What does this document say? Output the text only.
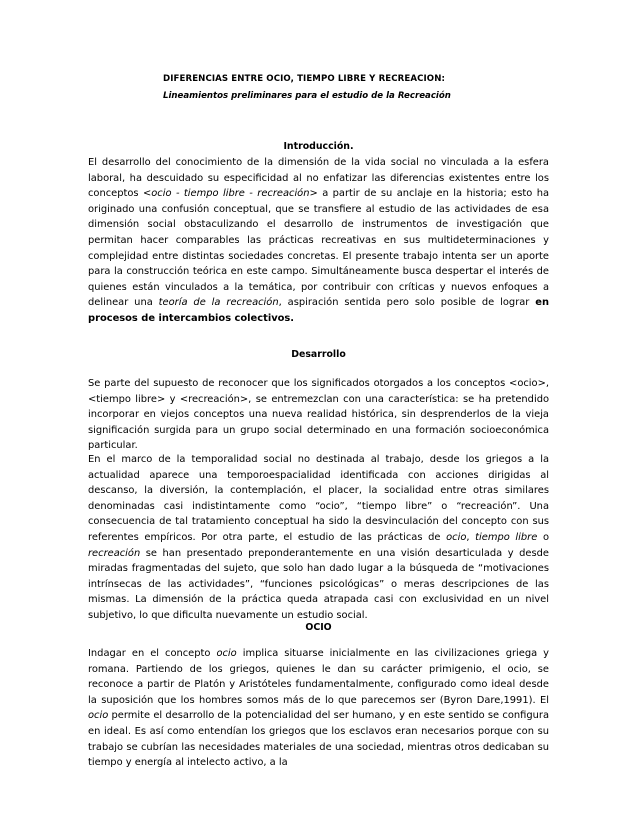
DIFERENCIAS ENTRE OCIO, TIEMPO LIBRE Y RECREACION:
Lineamientos preliminares para el estudio de la Recreación
Introducción.

El desarrollo del conocimiento de la dimensión de la vida social no vinculada a la esfera laboral, ha descuidado su especificidad al no enfatizar las diferencias existentes entre los conceptos <ocio - tiempo libre - recreación> a partir de su anclaje en la historia; esto ha originado una confusión conceptual, que se transfiere al estudio de las actividades de esa dimensión social obstaculizando el desarrollo de instrumentos de investigación que permitan hacer comparables las prácticas recreativas en sus multideterminaciones y complejidad entre distintas sociedades concretas. El presente trabajo intenta ser un aporte para la construcción teórica en este campo. Simultáneamente busca despertar el interés de quienes están vinculados a la temática, por contribuir con críticas y nuevos enfoques a delinear una teoría de la recreación, aspiración sentida pero solo posible de lograr en procesos de intercambios colectivos.

Desarrollo

Se parte del supuesto de reconocer que los significados otorgados a los conceptos <ocio>, <tiempo libre> y <recreación>, se entremezclan con una característica: se ha pretendido incorporar en viejos conceptos una nueva realidad histórica, sin desprenderlos de la vieja significación surgida para un grupo social determinado en una formación socioeconómica particular.

En el marco de la temporalidad social no destinada al trabajo, desde los griegos a la actualidad aparece una temporoespacialidad identificada con acciones dirigidas al descanso, la diversión, la contemplación, el placer, la socialidad entre otras similares denominadas casi indistintamente como “ocio”, “tiempo libre” o “recreación”. Una consecuencia de tal tratamiento conceptual ha sido la desvinculación del concepto con sus referentes empíricos. Por otra parte, el estudio de las prácticas de ocio, tiempo libre o recreación se han presentado preponderantemente en una visión desarticulada y desde miradas fragmentadas del sujeto, que solo han dado lugar a la búsqueda de “motivaciones intrínsecas de las actividades”, “funciones psicológicas” o meras descripciones de las mismas. La dimensión de la práctica queda atrapada casi con exclusividad en un nivel subjetivo, lo que dificulta nuevamente un estudio social.

OCIO

Indagar en el concepto ocio implica situarse inicialmente en las civilizaciones griega y romana. Partiendo de los griegos, quienes le dan su carácter primigenio, el ocio, se reconoce a partir de Platón y Aristóteles fundamentalmente, configurado como ideal desde la suposición que los hombres somos más de lo que parecemos ser (Byron Dare,1991). El ocio permite el desarrollo de la potencialidad del ser humano, y en este sentido se configura en ideal. Es así como entendían los griegos que los esclavos eran necesarios porque con su trabajo se cubrían las necesidades materiales de una sociedad, mientras otros dedicaban su tiempo y energía al intelecto activo, a la
